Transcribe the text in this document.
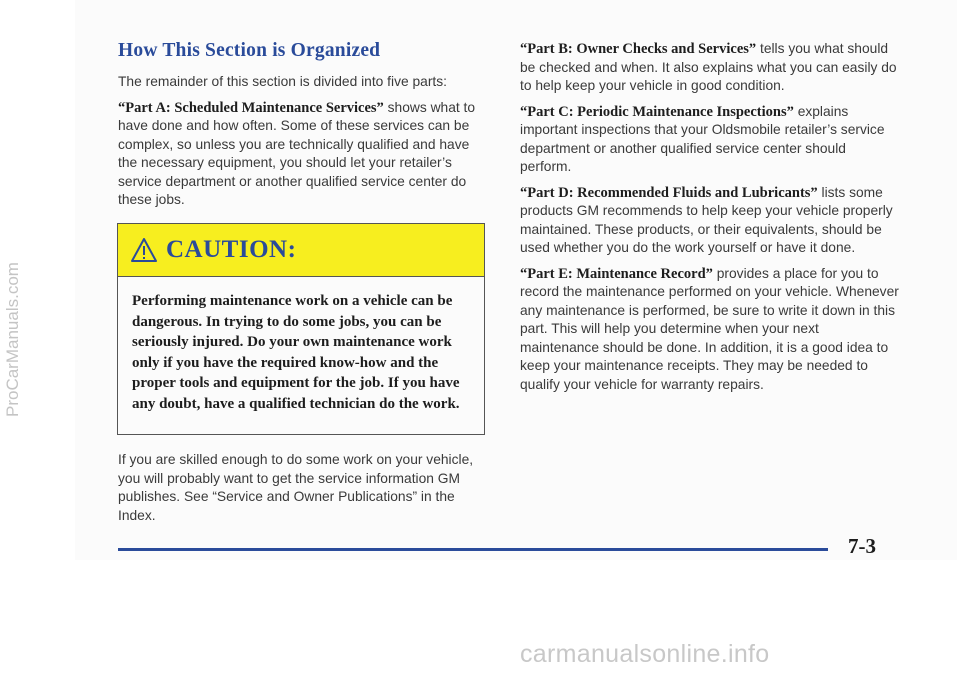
ProCarManuals.com
How This Section is Organized

The remainder of this section is divided into five parts:

“Part A: Scheduled Maintenance Services” shows what to have done and how often. Some of these services can be complex, so unless you are technically qualified and have the necessary equipment, you should let your retailer’s service department or another qualified service center do these jobs.

CAUTION:
Performing maintenance work on a vehicle can be dangerous. In trying to do some jobs, you can be seriously injured. Do your own maintenance work only if you have the required know-how and the proper tools and equipment for the job. If you have any doubt, have a qualified technician do the work.

If you are skilled enough to do some work on your vehicle, you will probably want to get the service information GM publishes. See “Service and Owner Publications” in the Index.

“Part B: Owner Checks and Services” tells you what should be checked and when. It also explains what you can easily do to help keep your vehicle in good condition.

“Part C: Periodic Maintenance Inspections” explains important inspections that your Oldsmobile retailer’s service department or another qualified service center should perform.

“Part D: Recommended Fluids and Lubricants” lists some products GM recommends to help keep your vehicle properly maintained. These products, or their equivalents, should be used whether you do the work yourself or have it done.

“Part E: Maintenance Record” provides a place for you to record the maintenance performed on your vehicle. Whenever any maintenance is performed, be sure to write it down in this part. This will help you determine when your next maintenance should be done. In addition, it is a good idea to keep your maintenance receipts. They may be needed to qualify your vehicle for warranty repairs.

7-3
carmanualsonline.info
